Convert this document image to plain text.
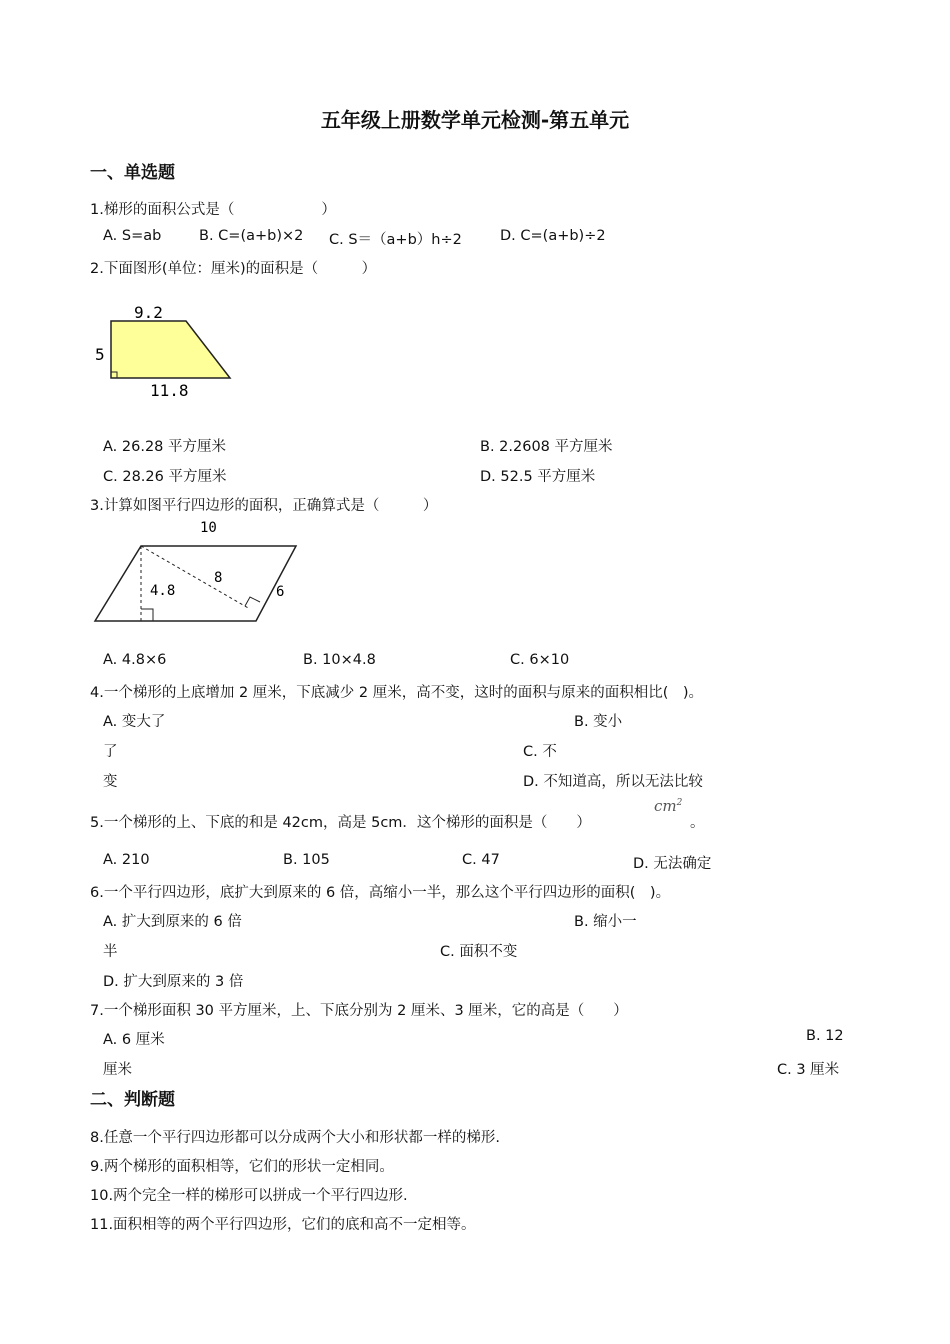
五年级上册数学单元检测-第五单元
一、单选题
1.梯形的面积公式是（　　　　　　）
A. S=ab	B. C=(a+b)×2 C. S＝（a+b）h÷2	D. C=(a+b)÷2
2.下面图形(单位：厘米)的面积是（　　　）
9.2
5
11.8
A. 26.28 平方厘米	B. 2.2608 平方厘米
C. 28.26 平方厘米	D. 52.5 平方厘米
3.计算如图平行四边形的面积，正确算式是（　　　）
10
4.8
8
6
A. 4.8×6	B. 10×4.8	C. 6×10
4.一个梯形的上底增加 2 厘米，下底减少 2 厘米，高不变，这时的面积与原来的面积相比(　)。
A. 变大了	B. 变小
了	C. 不
变	D. 不知道高，所以无法比较
5.一个梯形的上、下底的和是 42cm，高是 5cm．这个梯形的面积是（　　）
$cm^2$
。
A. 210	B. 105	C. 47	D. 无法确定
6.一个平行四边形，底扩大到原来的 6 倍，高缩小一半，那么这个平行四边形的面积(　)。
A. 扩大到原来的 6 倍	B. 缩小一
半	C. 面积不变
D. 扩大到原来的 3 倍
7.一个梯形面积 30 平方厘米，上、下底分别为 2 厘米、3 厘米，它的高是（　　）
A. 6 厘米	B. 12
厘米	C. 3 厘米
二、判断题
8.任意一个平行四边形都可以分成两个大小和形状都一样的梯形.
9.两个梯形的面积相等，它们的形状一定相同。
10.两个完全一样的梯形可以拼成一个平行四边形.
11.面积相等的两个平行四边形，它们的底和高不一定相等。
